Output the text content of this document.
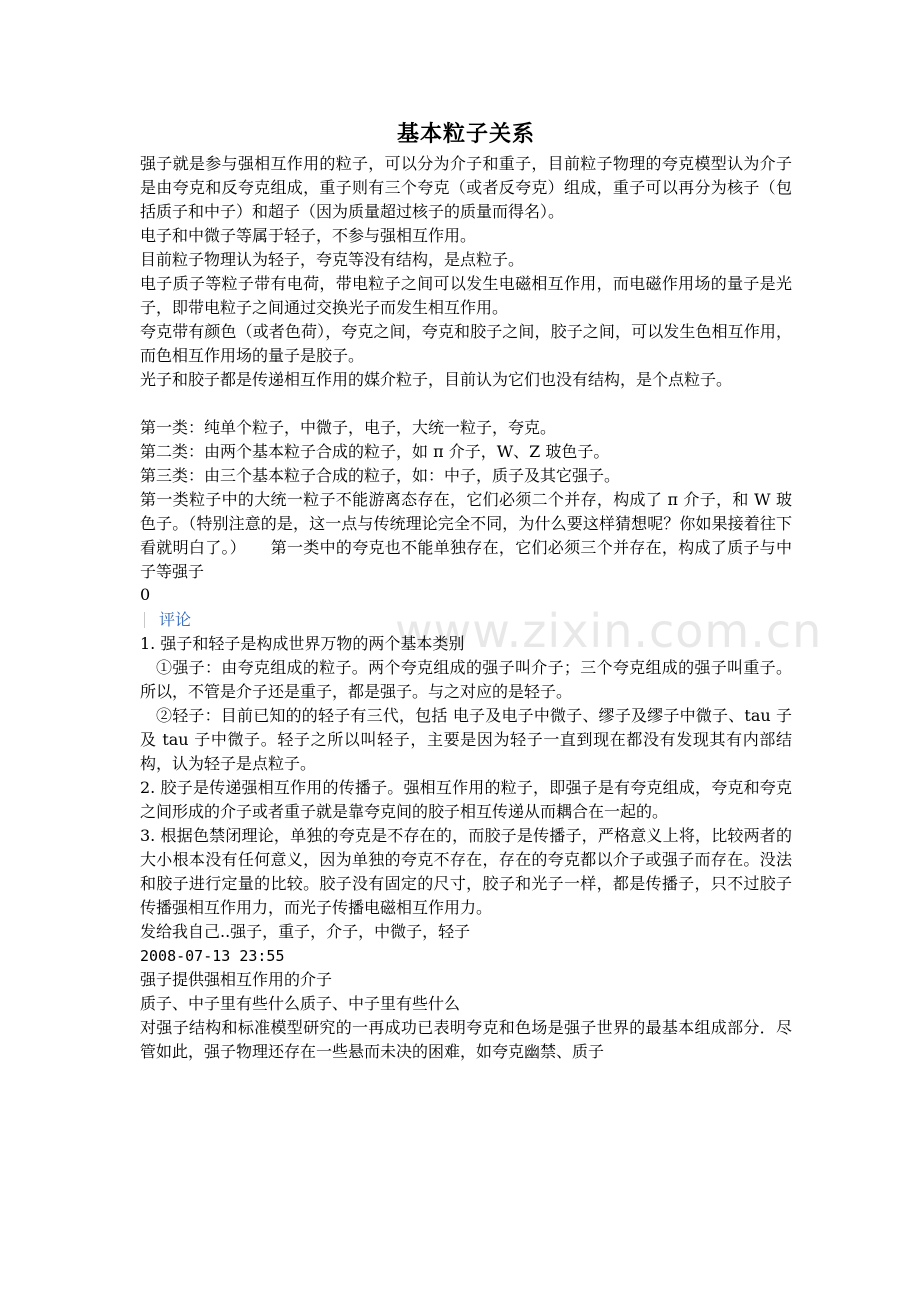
www.zixin.com.cn
基本粒子关系

强子就是参与强相互作用的粒子，可以分为介子和重子，目前粒子物理的夸克模型认为介子是由夸克和反夸克组成，重子则有三个夸克（或者反夸克）组成，重子可以再分为核子（包括质子和中子）和超子（因为质量超过核子的质量而得名）。

电子和中微子等属于轻子，不参与强相互作用。

目前粒子物理认为轻子，夸克等没有结构，是点粒子。

电子质子等粒子带有电荷，带电粒子之间可以发生电磁相互作用，而电磁作用场的量子是光子，即带电粒子之间通过交换光子而发生相互作用。

夸克带有颜色（或者色荷），夸克之间，夸克和胶子之间，胶子之间，可以发生色相互作用，而色相互作用场的量子是胶子。

光子和胶子都是传递相互作用的媒介粒子，目前认为它们也没有结构，是个点粒子。

第一类：纯单个粒子，中微子，电子，大统一粒子，夸克。

第二类：由两个基本粒子合成的粒子，如 π 介子，W、Z 玻色子。

第三类：由三个基本粒子合成的粒子，如：中子，质子及其它强子。

第一类粒子中的大统一粒子不能游离态存在，它们必须二个并存，构成了 π 介子，和 W 玻色子。（特别注意的是，这一点与传统理论完全不同，为什么要这样猜想呢？你如果接着往下看就明白了。）　　第一类中的夸克也不能单独存在，它们必须三个并存在，构成了质子与中子等强子

0

评论

1. 强子和轻子是构成世界万物的两个基本类别

①强子：由夸克组成的粒子。两个夸克组成的强子叫介子；三个夸克组成的强子叫重子。所以，不管是介子还是重子，都是强子。与之对应的是轻子。

②轻子：目前已知的的轻子有三代，包括 电子及电子中微子、缪子及缪子中微子、tau 子及 tau 子中微子。轻子之所以叫轻子，主要是因为轻子一直到现在都没有发现其有内部结构，认为轻子是点粒子。

2. 胶子是传递强相互作用的传播子。强相互作用的粒子，即强子是有夸克组成，夸克和夸克之间形成的介子或者重子就是靠夸克间的胶子相互传递从而耦合在一起的。

3. 根据色禁闭理论，单独的夸克是不存在的，而胶子是传播子，严格意义上将，比较两者的大小根本没有任何意义，因为单独的夸克不存在，存在的夸克都以介子或强子而存在。没法和胶子进行定量的比较。胶子没有固定的尺寸，胶子和光子一样，都是传播子，只不过胶子传播强相互作用力，而光子传播电磁相互作用力。

发给我自己..强子，重子，介子，中微子，轻子

2008-07-13 23:55

强子提供强相互作用的介子

质子、中子里有些什么质子、中子里有些什么

对强子结构和标准模型研究的一再成功已表明夸克和色场是强子世界的最基本组成部分．尽管如此，强子物理还存在一些悬而未决的困难，如夸克幽禁、质子
